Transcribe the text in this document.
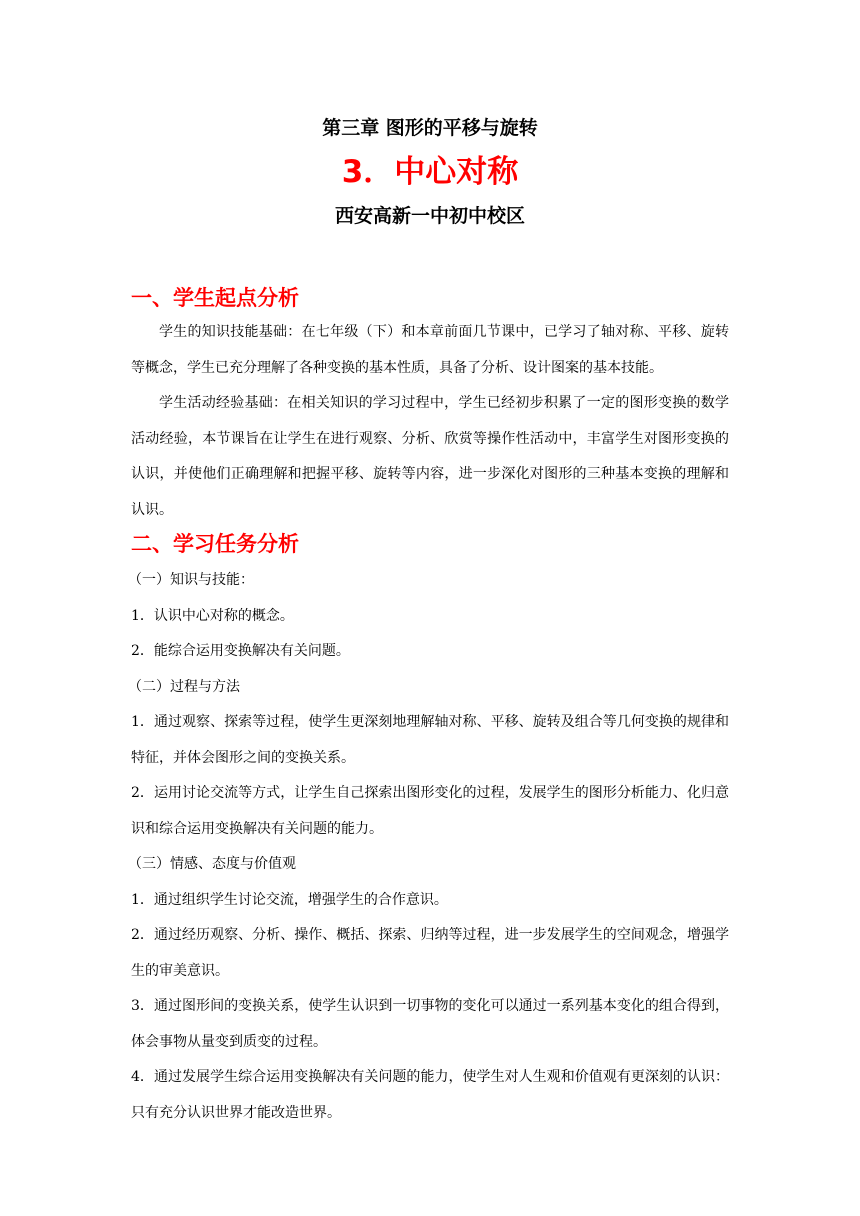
第三章 图形的平移与旋转
3．中心对称
西安高新一中初中校区
一、学生起点分析

学生的知识技能基础：在七年级（下）和本章前面几节课中，已学习了轴对称、平移、旋转等概念，学生已充分理解了各种变换的基本性质，具备了分析、设计图案的基本技能。

学生活动经验基础：在相关知识的学习过程中，学生已经初步积累了一定的图形变换的数学活动经验，本节课旨在让学生在进行观察、分析、欣赏等操作性活动中，丰富学生对图形变换的认识，并使他们正确理解和把握平移、旋转等内容，进一步深化对图形的三种基本变换的理解和认识。

二、学习任务分析
（一）知识与技能：

1．认识中心对称的概念。

2．能综合运用变换解决有关问题。

（二）过程与方法

1．通过观察、探索等过程，使学生更深刻地理解轴对称、平移、旋转及组合等几何变换的规律和特征，并体会图形之间的变换关系。

2．运用讨论交流等方式，让学生自己探索出图形变化的过程，发展学生的图形分析能力、化归意识和综合运用变换解决有关问题的能力。

（三）情感、态度与价值观

1．通过组织学生讨论交流，增强学生的合作意识。

2．通过经历观察、分析、操作、概括、探索、归纳等过程，进一步发展学生的空间观念，增强学生的审美意识。

3．通过图形间的变换关系，使学生认识到一切事物的变化可以通过一系列基本变化的组合得到，体会事物从量变到质变的过程。

4．通过发展学生综合运用变换解决有关问题的能力，使学生对人生观和价值观有更深刻的认识：只有充分认识世界才能改造世界。
